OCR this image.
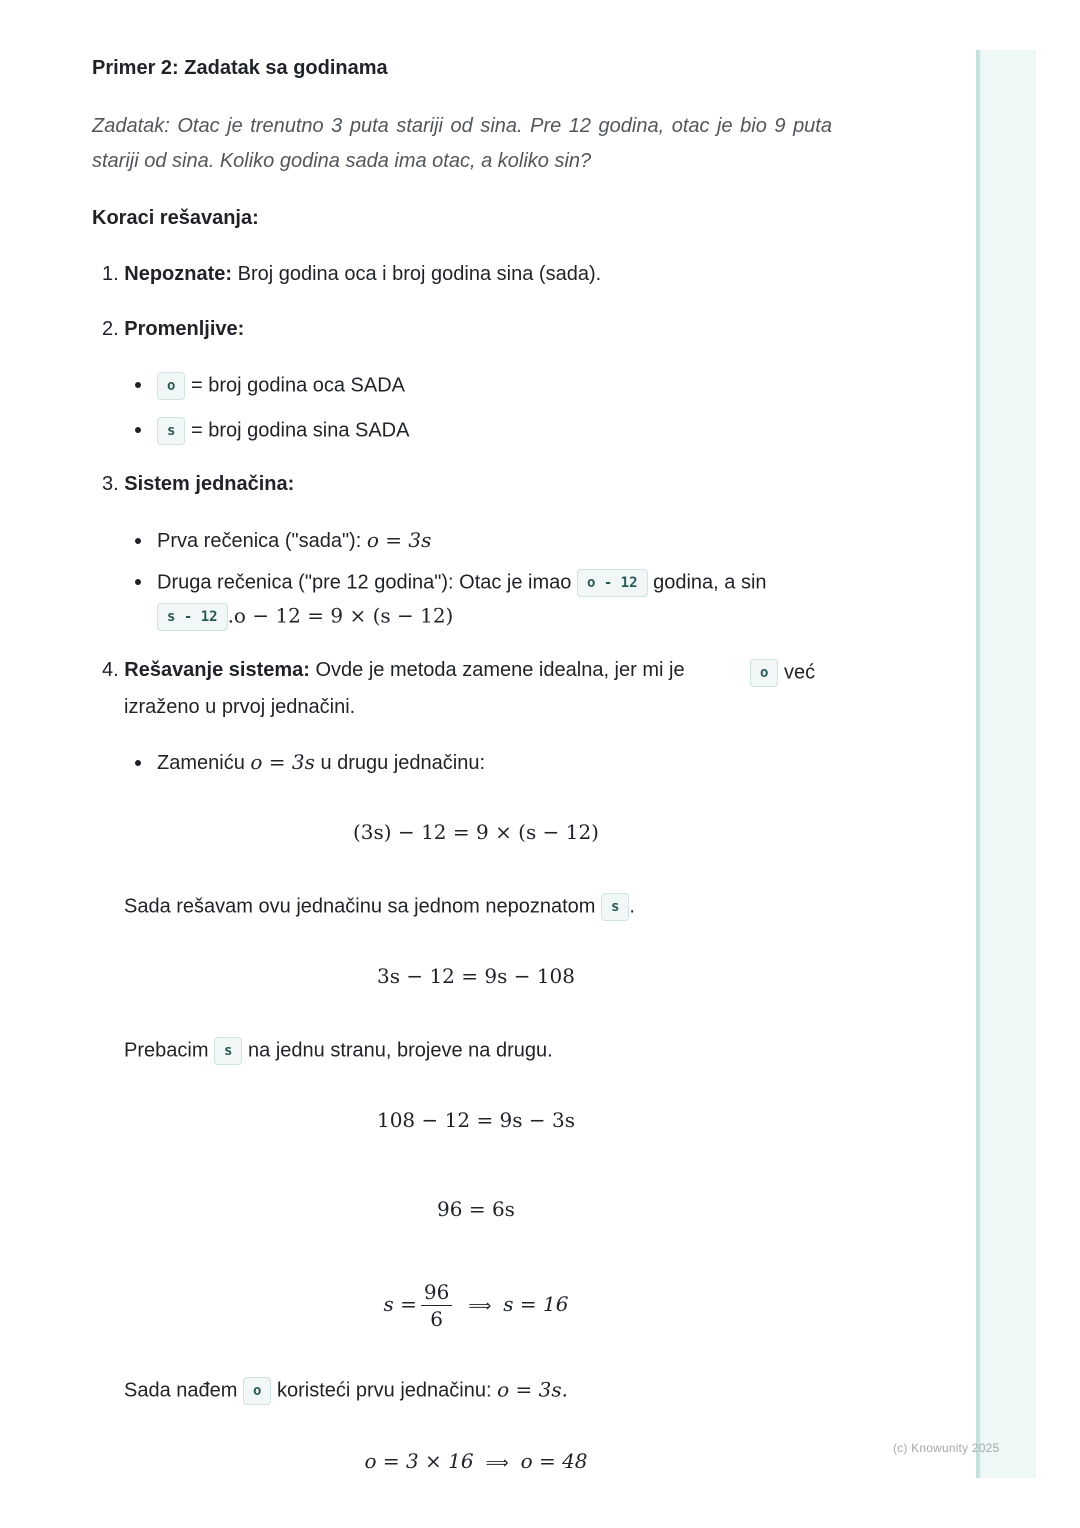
(c) Knowunity 2025
Primer 2: Zadatak sa godinama
Zadatak: Otac je trenutno 3 puta stariji od sina. Pre 12 godina, otac je bio 9 puta stariji od sina. Koliko godina sada ima otac, a koliko sin?
Koraci rešavanja:
1. Nepoznate: Broj godina oca i broj godina sina (sada).
2. Promenljive:
o = broj godina oca SADA
s = broj godina sina SADA
3. Sistem jednačina:
Prva rečenica ("sada"): o = 3s
Druga rečenica ("pre 12 godina"): Otac je imao o - 12 godina, a sin
s - 12 .o − 12 = 9 × (s − 12)
4. Rešavanje sistema: Ovde je metoda zamene idealna, jer mi je	o već
izraženo u prvoj jednačini.
Zameniću o = 3s u drugu jednačinu:
(3s) − 12 = 9 × (s − 12)
Sada rešavam ovu jednačinu sa jednom nepoznatom s .
3s − 12 = 9s − 108
Prebacim s na jednu stranu, brojeve na drugu.
108 − 12 = 9s − 3s
96 = 6s
$s = \frac{96}{6}$ ⟹ s = 16
Sada nađem o koristeći prvu jednačinu: o = 3s.
o = 3 × 16 ⟹ o = 48
